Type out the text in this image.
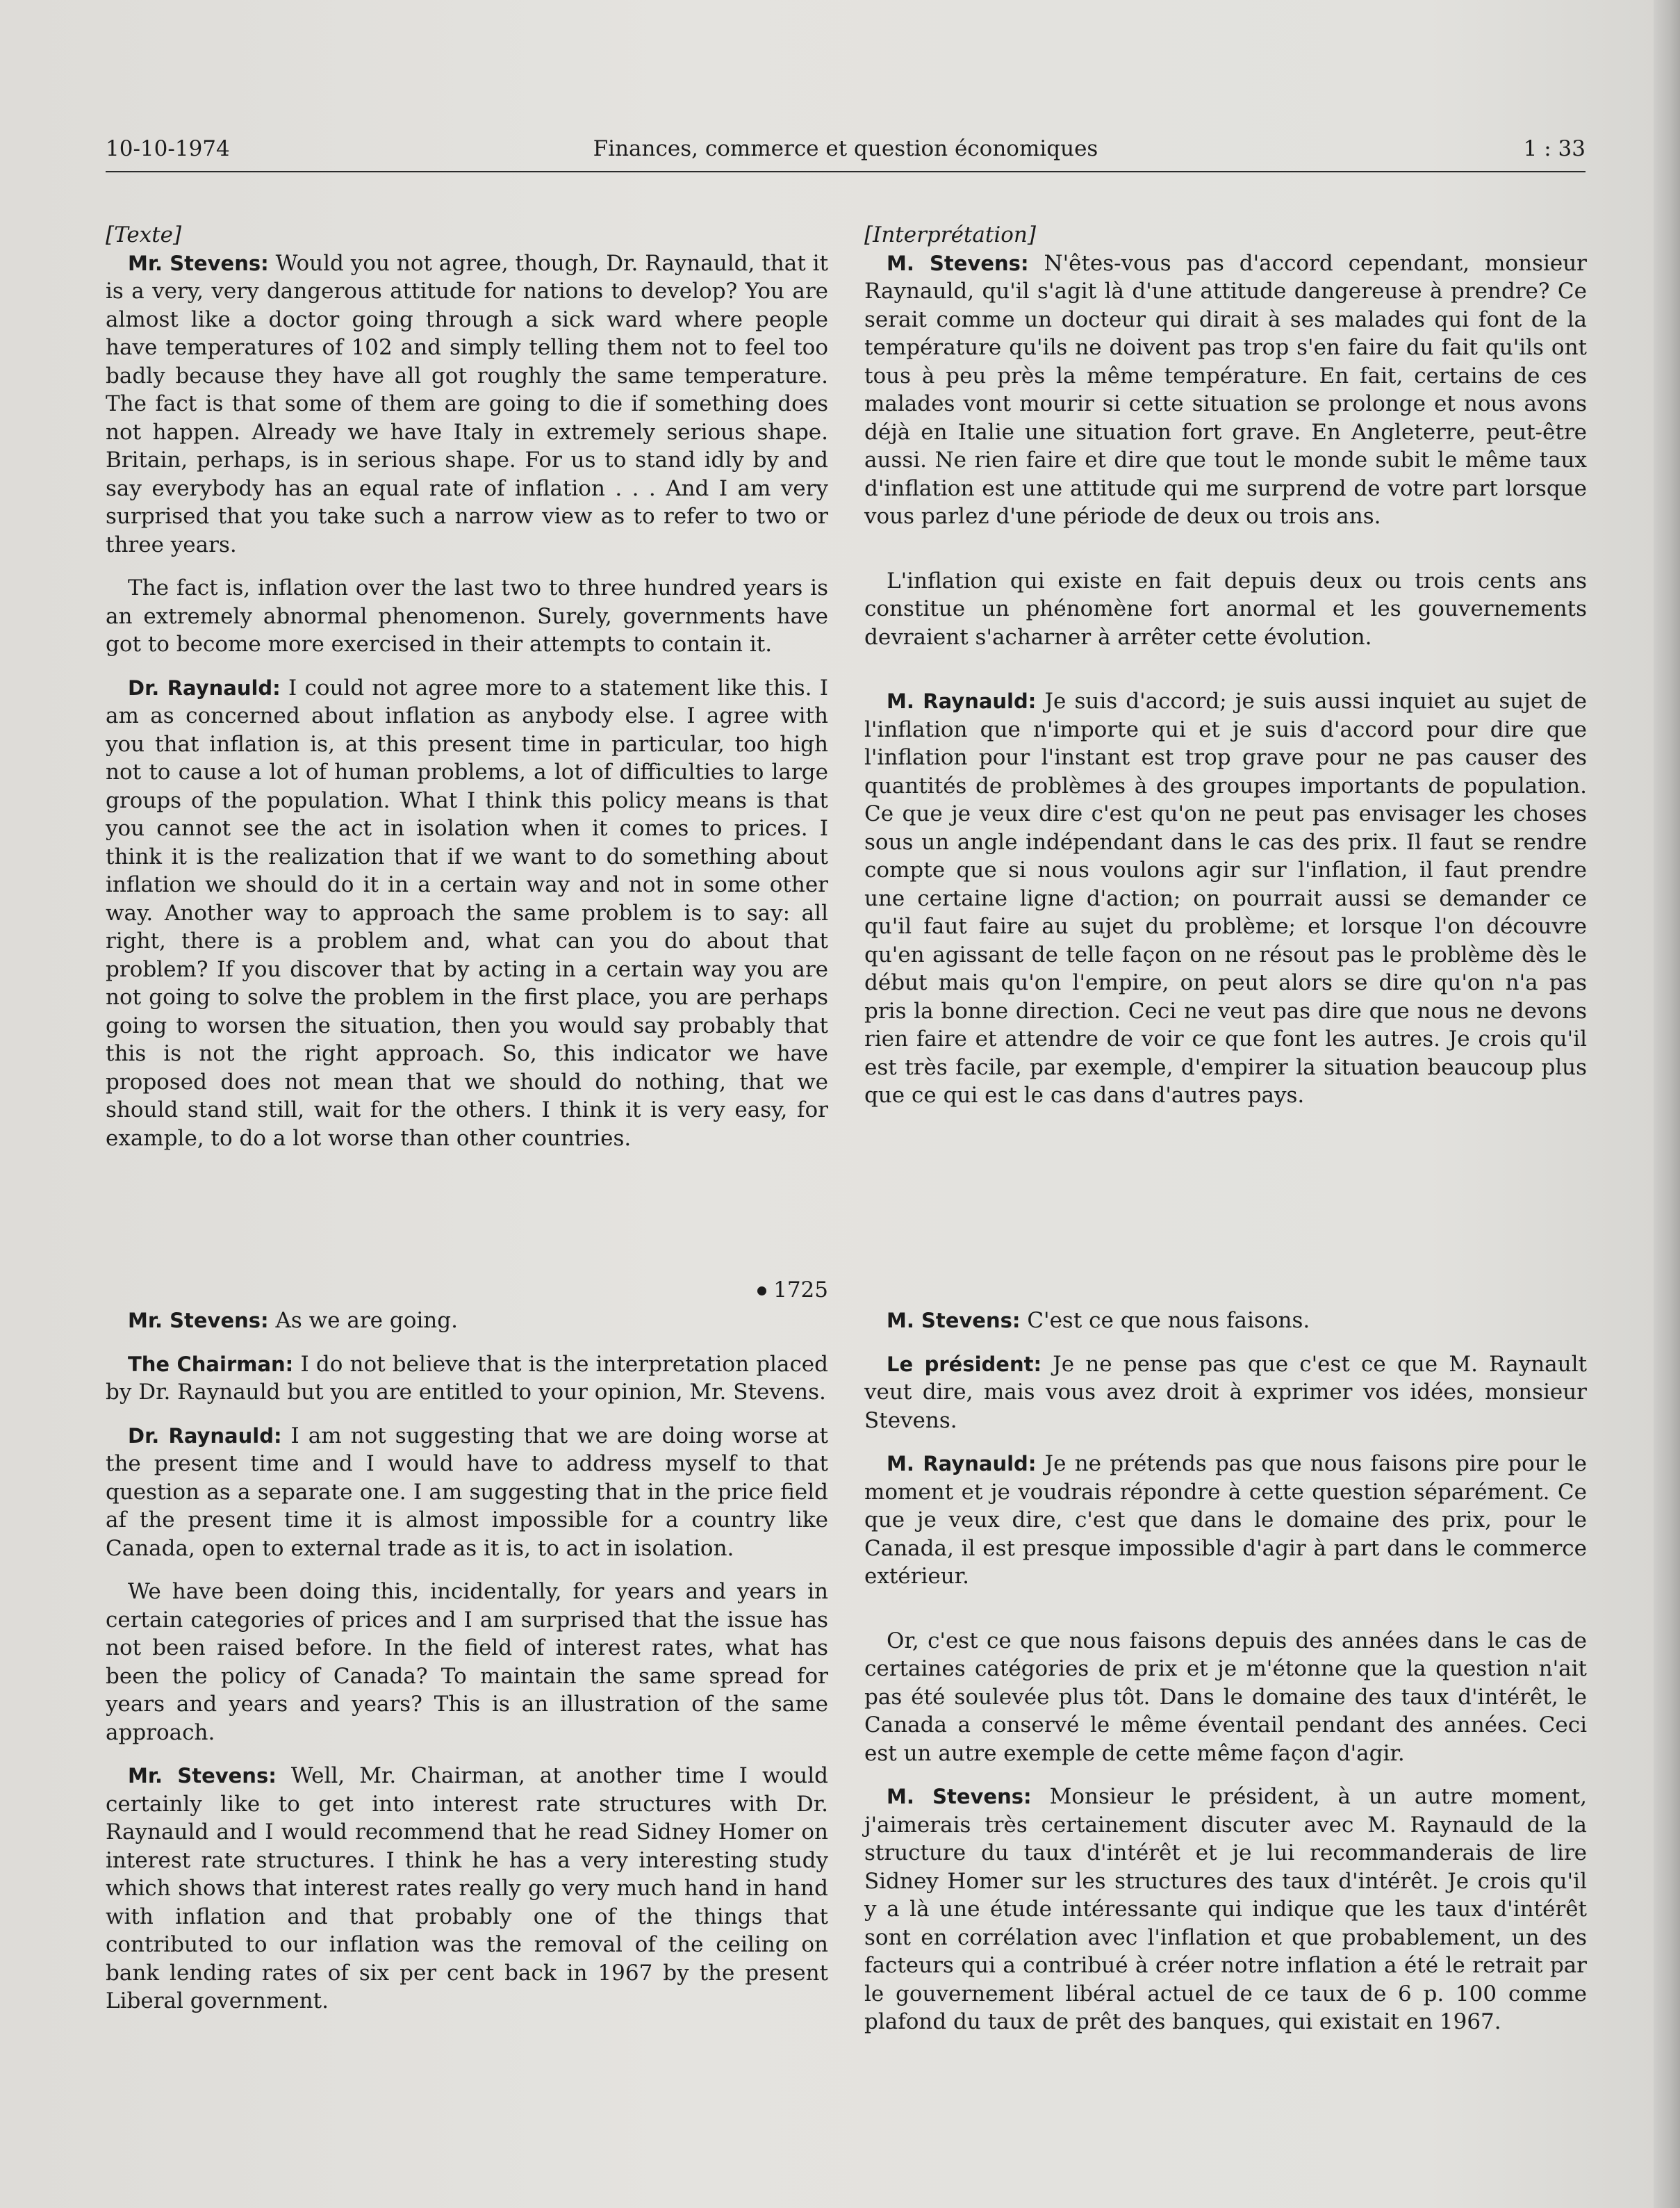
10-10-1974	Finances, commerce et question économiques	1 : 33

[Texte]

Mr. Stevens: Would you not agree, though, Dr. Raynauld, that it is a very, very dangerous attitude for nations to develop? You are almost like a doctor going through a sick ward where people have temperatures of 102 and simply telling them not to feel too badly because they have all got roughly the same temperature. The fact is that some of them are going to die if something does not happen. Already we have Italy in extremely serious shape. Britain, perhaps, is in serious shape. For us to stand idly by and say everybody has an equal rate of inflation . . . And I am very surprised that you take such a narrow view as to refer to two or three years.

The fact is, inflation over the last two to three hundred years is an extremely abnormal phenomenon. Surely, governments have got to become more exercised in their attempts to contain it.

Dr. Raynauld: I could not agree more to a statement like this. I am as concerned about inflation as anybody else. I agree with you that inflation is, at this present time in particular, too high not to cause a lot of human problems, a lot of difficulties to large groups of the population. What I think this policy means is that you cannot see the act in isolation when it comes to prices. I think it is the realization that if we want to do something about inflation we should do it in a certain way and not in some other way. Another way to approach the same problem is to say: all right, there is a problem and, what can you do about that problem? If you discover that by acting in a certain way you are not going to solve the problem in the first place, you are perhaps going to worsen the situation, then you would say probably that this is not the right approach. So, this indicator we have proposed does not mean that we should do nothing, that we should stand still, wait for the others. I think it is very easy, for example, to do a lot worse than other countries.

1725

Mr. Stevens: As we are going.

The Chairman: I do not believe that is the interpretation placed by Dr. Raynauld but you are entitled to your opinion, Mr. Stevens.

Dr. Raynauld: I am not suggesting that we are doing worse at the present time and I would have to address myself to that question as a separate one. I am suggesting that in the price field af the present time it is almost impossible for a country like Canada, open to external trade as it is, to act in isolation.

We have been doing this, incidentally, for years and years in certain categories of prices and I am surprised that the issue has not been raised before. In the field of interest rates, what has been the policy of Canada? To maintain the same spread for years and years and years? This is an illustration of the same approach.

Mr. Stevens: Well, Mr. Chairman, at another time I would certainly like to get into interest rate structures with Dr. Raynauld and I would recommend that he read Sidney Homer on interest rate structures. I think he has a very interesting study which shows that interest rates really go very much hand in hand with inflation and that probably one of the things that contributed to our inflation was the removal of the ceiling on bank lending rates of six per cent back in 1967 by the present Liberal government.

[Interprétation]

M. Stevens: N'êtes-vous pas d'accord cependant, monsieur Raynauld, qu'il s'agit là d'une attitude dangereuse à prendre? Ce serait comme un docteur qui dirait à ses malades qui font de la température qu'ils ne doivent pas trop s'en faire du fait qu'ils ont tous à peu près la même température. En fait, certains de ces malades vont mourir si cette situation se prolonge et nous avons déjà en Italie une situation fort grave. En Angleterre, peut-être aussi. Ne rien faire et dire que tout le monde subit le même taux d'inflation est une attitude qui me surprend de votre part lorsque vous parlez d'une période de deux ou trois ans.

L'inflation qui existe en fait depuis deux ou trois cents ans constitue un phénomène fort anormal et les gouvernements devraient s'acharner à arrêter cette évolution.

M. Raynauld: Je suis d'accord; je suis aussi inquiet au sujet de l'inflation que n'importe qui et je suis d'accord pour dire que l'inflation pour l'instant est trop grave pour ne pas causer des quantités de problèmes à des groupes importants de population. Ce que je veux dire c'est qu'on ne peut pas envisager les choses sous un angle indépendant dans le cas des prix. Il faut se rendre compte que si nous voulons agir sur l'inflation, il faut prendre une certaine ligne d'action; on pourrait aussi se demander ce qu'il faut faire au sujet du problème; et lorsque l'on découvre qu'en agissant de telle façon on ne résout pas le problème dès le début mais qu'on l'empire, on peut alors se dire qu'on n'a pas pris la bonne direction. Ceci ne veut pas dire que nous ne devons rien faire et attendre de voir ce que font les autres. Je crois qu'il est très facile, par exemple, d'empirer la situation beaucoup plus que ce qui est le cas dans d'autres pays.

M. Stevens: C'est ce que nous faisons.

Le président: Je ne pense pas que c'est ce que M. Raynault veut dire, mais vous avez droit à exprimer vos idées, monsieur Stevens.

M. Raynauld: Je ne prétends pas que nous faisons pire pour le moment et je voudrais répondre à cette question séparément. Ce que je veux dire, c'est que dans le domaine des prix, pour le Canada, il est presque impossible d'agir à part dans le commerce extérieur.

Or, c'est ce que nous faisons depuis des années dans le cas de certaines catégories de prix et je m'étonne que la question n'ait pas été soulevée plus tôt. Dans le domaine des taux d'intérêt, le Canada a conservé le même éventail pendant des années. Ceci est un autre exemple de cette même façon d'agir.

M. Stevens: Monsieur le président, à un autre moment, j'aimerais très certainement discuter avec M. Raynauld de la structure du taux d'intérêt et je lui recommanderais de lire Sidney Homer sur les structures des taux d'intérêt. Je crois qu'il y a là une étude intéressante qui indique que les taux d'intérêt sont en corrélation avec l'inflation et que probablement, un des facteurs qui a contribué à créer notre inflation a été le retrait par le gouvernement libéral actuel de ce taux de 6 p. 100 comme plafond du taux de prêt des banques, qui existait en 1967.
